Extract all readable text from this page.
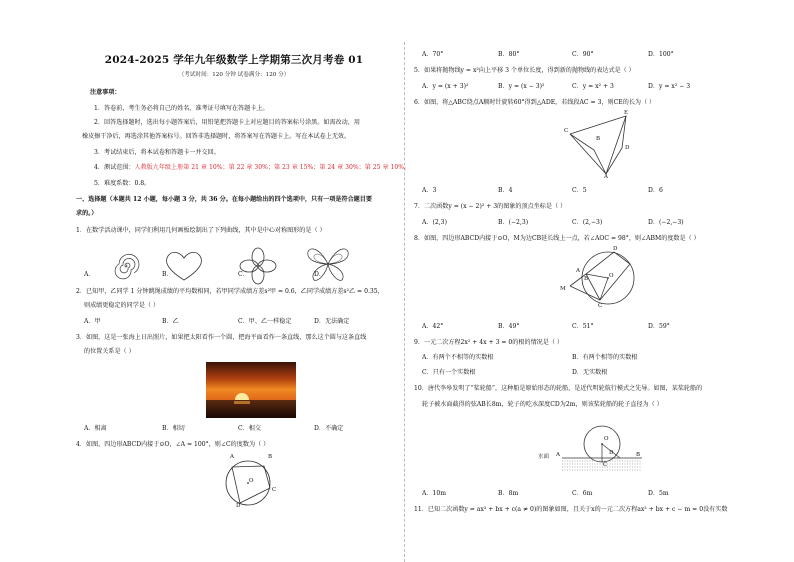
2024-2025 学年九年级数学上学期第三次月考卷 01
（考试时间：120 分钟 试卷满分：120 分）
注意事项：
1．答卷前，考生务必将自己的姓名、准考证号填写在答题卡上。
2．回答选择题时，选出每小题答案后，用铅笔把答题卡上对应题目的答案标号涂黑。如需改动，用
橡皮擦干净后，再选涂其他答案标号。回答非选择题时，将答案写在答题卡上。写在本试卷上无效。
3．考试结束后，将本试卷和答题卡一并交回。
4．测试范围：人教版九年级上册第 21 章 10%；第 22 章 30%；第 23 章 15%；第 24 章 30%；第 25 章 10%。
5．难度系数：0.8。
一、选择题（本题共 12 小题，每小题 3 分，共 36 分。在每小题给出的四个选项中，只有一项是符合题目要
求的。）
1．在数学活动课中，同学们利用几何画板绘制出了下列曲线，其中是中心对称图形的是（ ）
A．	B．	C．	D．
2．已知甲，乙同学 1 分钟跳绳成绩的平均数相同，若甲同学成绩方差s²甲 = 0.6，乙同学成绩方差s²乙 = 0.35，
则成绩更稳定的同学是（ ）
A．甲	B．乙	C．甲、乙一样稳定	D．无法确定
3．如图，这是一张海上日出照片，如果把太阳看作一个圆，把海平面看作一条直线，那么这个圆与这条直线
的位置关系是（ ）
A．相离	B．相切	C．相交	D．不确定
4．如图，四边形ABCD内接于⊙O，∠A = 100°，则∠C的度数为（ ）
A	B
C
D
O
A．70°	B．80°	C．90°	D．100°
5．如果将抛物线y = x²向上平移 3 个单位长度，得到新的抛物线的表达式是（ ）
A．y = (x + 3)²	B．y = (x − 3)²	C．y = x² + 3	D．y = x² − 3
6．如图，将△ABC绕点A顺时针旋转60°得到△ADE，若线段AC = 3，则CE的长为（ ）
A．3	B．4	C．5	D．6
7．二次函数y = (x − 2)² + 3的图象的顶点坐标是（ ）
A．(2,3)	B．(−2,3)	C．(2,−3)	D．(−2,−3)
8．如图，四边形ABCD内接于⊙O，M为边CB延长线上一点，若∠AOC = 98°，则∠ABM的度数是（ ）
A．42°	B．49°	C．51°	D．59°
9．一元二次方程2x² + 4x + 3 = 0的根的情况是（ ）
A．有两个不相等的实数根	B．有两个相等的实数根
C．只有一个实数根	D．无实数根
10．唐代李皋发明了“桨轮船”，这种船是原始形态的轮船，是近代明轮航行模式之先导。如图，某桨轮船的
轮子被水面截得的弦AB长8m，轮子的吃水深度CD为2m，则该桨轮船的轮子直径为（ ）
A．10m	B．8m	C．6m	D．5m
11．已知二次函数y = ax² + bx + c(a ≠ 0)的图象如图，且关于x的一元二次方程ax² + bx + c − m = 0没有实数
C
B
E
D
A
A
B
C
D
M
O
水面 A	B
C
D
O
